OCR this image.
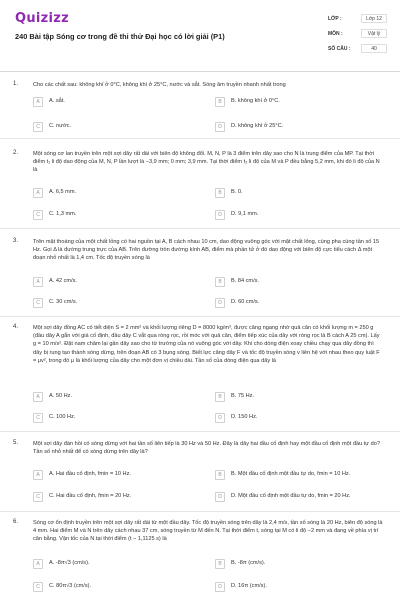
Quizizz
240 Bài tập Sóng cơ trong đề thi thử Đại học có lời giải (P1)
LỚP :	Lớp 12
MÔN :	Vật lý
SỐ CÂU :	40
1.	Cho các chất sau: không khí ở 0°C, không khí ở 25°C, nước và sắt. Sóng âm truyền nhanh nhất trong
A	A. sắt.	B	B. không khí ở 0°C.
C	C. nước.	D	D. không khí ở 25°C.
2.	Một sóng cơ lan truyền trên một sợi dây rất dài với biên độ không đổi. M, N, P là 3 điểm trên dây sao cho N là trung điểm của MP. Tại thời điểm t₁ li độ dao động của M, N, P lần lượt là −3,9 mm; 0 mm; 3,9 mm. Tại thời điểm t₂ li độ của M và P đều bằng 5,2 mm, khi đó li độ của N là
A	A. 6,5 mm.	B	B. 0.
C	C. 1,3 mm.	D	D. 9,1 mm.
3.	Trên mặt thoáng của một chất lỏng có hai nguồn tại A, B cách nhau 10 cm, dao động vuông góc với mặt chất lỏng, cùng pha cùng tần số 15 Hz. Gọi Δ là đường trung trực của AB. Trên đường tròn đường kính AB, điểm mà phần tử ở đó dao động với biên độ cực tiểu cách Δ một đoạn nhỏ nhất là 1,4 cm. Tốc độ truyền sóng là
A	A. 42 cm/s.	B	B. 84 cm/s.
C	C. 30 cm/s.	D	D. 60 cm/s.
4.	Một sợi dây đồng AC có tiết diện S = 2 mm² và khối lượng riêng D = 8000 kg/m³, được căng ngang nhờ quả cân có khối lượng m = 250 g (đầu dây A gắn với giá cố định, đầu dây C vắt qua ròng rọc, rồi móc với quả cân, điểm tiếp xúc của dây với ròng rọc là B cách A 25 cm). Lấy g = 10 m/s². Đặt nam châm lại gần dây sao cho từ trường của nó vuông góc với dây. Khi cho dòng điện xoay chiều chạy qua dây đồng thì dây bị rung tạo thành sóng dừng, trên đoạn AB có 3 bụng sóng. Biết lực căng dây F và tốc độ truyền sóng v liên hệ với nhau theo quy luật F = μv², trong đó μ là khối lượng của dây cho một đơn vị chiều dài. Tần số của dòng điện qua dây là
A	A. 50 Hz.	B	B. 75 Hz.
C	C. 100 Hz.	D	D. 150 Hz.
5.	Một sợi dây đàn hồi có sóng dừng với hai tần số liên tiếp là 30 Hz và 50 Hz. Đây là dây hai đầu cố định hay một đầu cố định một đầu tự do? Tần số nhỏ nhất để có sóng dừng trên dây là?
A	A. Hai đầu cố định, fmin = 10 Hz.	B	B. Một đầu cố định một đầu tự do, fmin = 10 Hz.
C	C. Hai đầu cố định, fmin = 20 Hz.	D	D. Một đầu cố định một đầu tự do, fmin = 20 Hz.
6.	Sóng cơ ổn định truyền trên một sợi dây rất dài từ một đầu dây. Tốc độ truyền sóng trên dây là 2,4 m/s, tần số sóng là 20 Hz, biên độ sóng là 4 mm. Hai điểm M và N trên dây cách nhau 37 cm, sóng truyền từ M đến N. Tại thời điểm t, sóng tại M có li độ −2 mm và đang về phía vị trí cân bằng. Vận tốc của N tại thời điểm (t − 1,1125 s) là
A	A. -8π√3 (cm/s).	B	B. -8π (cm/s).
C	C. 80π√3 (cm/s).	D	D. 16π (cm/s).
